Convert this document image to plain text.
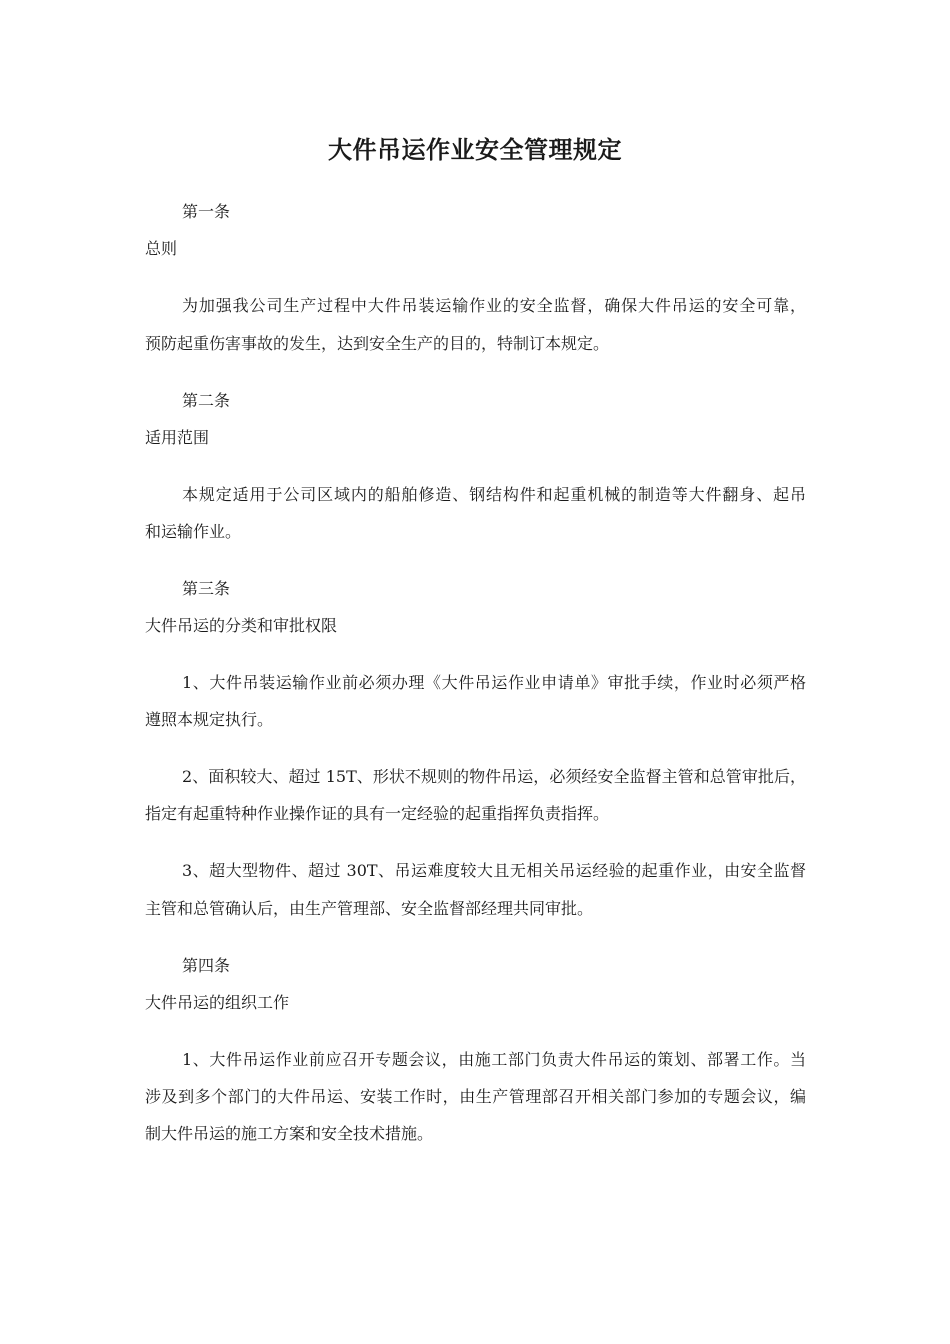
大件吊运作业安全管理规定

第一条

总则

为加强我公司生产过程中大件吊装运输作业的安全监督，确保大件吊运的安全可靠，

预防起重伤害事故的发生，达到安全生产的目的，特制订本规定。

第二条

适用范围

本规定适用于公司区域内的船舶修造、钢结构件和起重机械的制造等大件翻身、起吊

和运输作业。

第三条

大件吊运的分类和审批权限

1、大件吊装运输作业前必须办理《大件吊运作业申请单》审批手续，作业时必须严格

遵照本规定执行。

2、面积较大、超过 15T、形状不规则的物件吊运，必须经安全监督主管和总管审批后，

指定有起重特种作业操作证的具有一定经验的起重指挥负责指挥。

3、超大型物件、超过 30T、吊运难度较大且无相关吊运经验的起重作业，由安全监督

主管和总管确认后，由生产管理部、安全监督部经理共同审批。

第四条

大件吊运的组织工作

1、大件吊运作业前应召开专题会议，由施工部门负责大件吊运的策划、部署工作。当

涉及到多个部门的大件吊运、安装工作时，由生产管理部召开相关部门参加的专题会议，编

制大件吊运的施工方案和安全技术措施。
